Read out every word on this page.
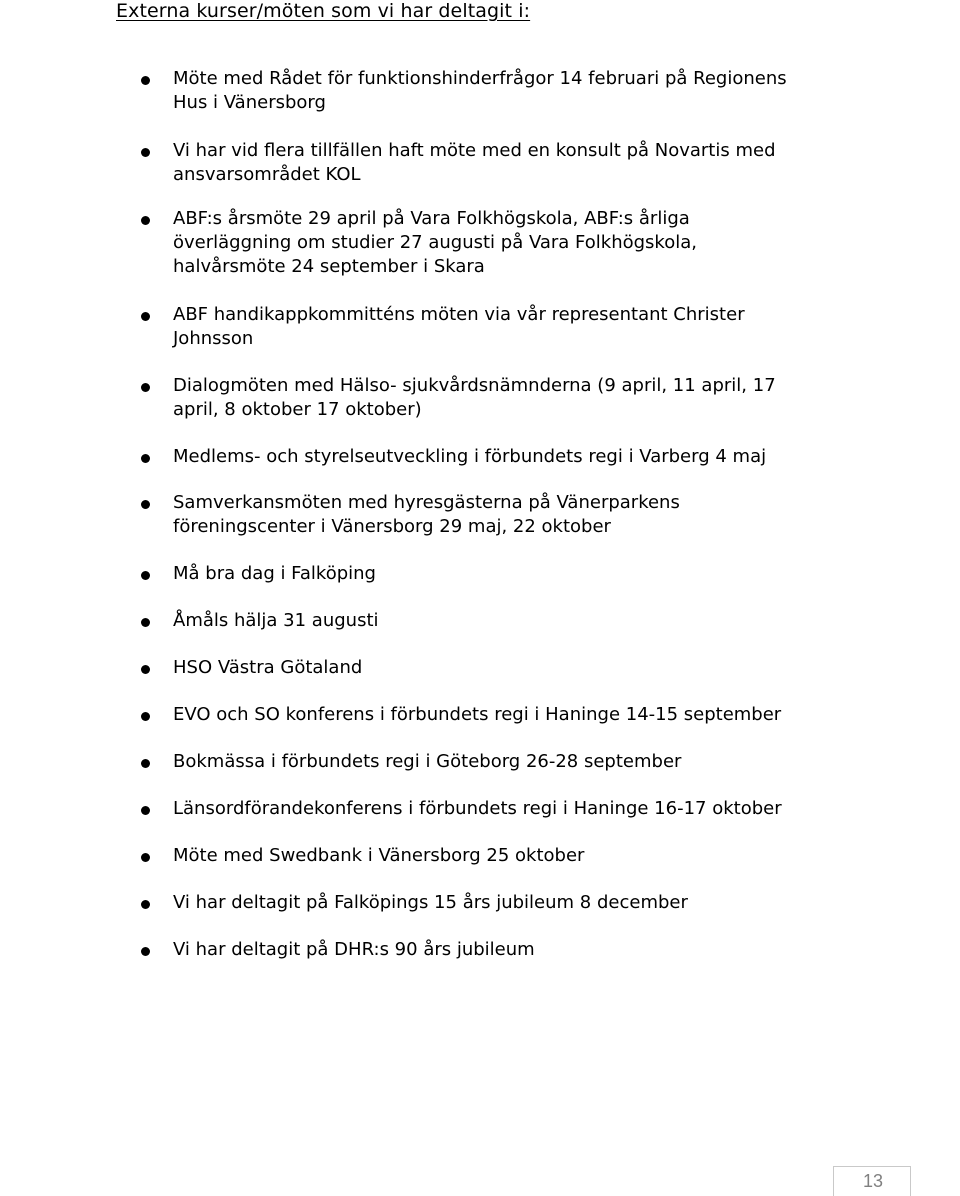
Externa kurser/möten som vi har deltagit i:
Möte med Rådet för funktionshinderfrågor 14 februari på Regionens
Hus i Vänersborg
Vi har vid flera tillfällen haft möte med en konsult på Novartis med
ansvarsområdet KOL
ABF:s årsmöte 29 april på Vara Folkhögskola, ABF:s årliga
överläggning om studier 27 augusti på Vara Folkhögskola,
halvårsmöte 24 september i Skara
ABF handikappkommitténs möten via vår representant Christer
Johnsson
Dialogmöten med Hälso- sjukvårdsnämnderna (9 april, 11 april, 17
april, 8 oktober 17 oktober)
Medlems- och styrelseutveckling i förbundets regi i Varberg 4 maj
Samverkansmöten med hyresgästerna på Vänerparkens
föreningscenter i Vänersborg 29 maj, 22 oktober
Må bra dag i Falköping
Åmåls hälja 31 augusti
HSO Västra Götaland
EVO och SO konferens i förbundets regi i Haninge 14-15 september
Bokmässa i förbundets regi i Göteborg 26-28 september
Länsordförandekonferens i förbundets regi i Haninge 16-17 oktober
Möte med Swedbank i Vänersborg 25 oktober
Vi har deltagit på Falköpings 15 års jubileum 8 december
Vi har deltagit på DHR:s 90 års jubileum
13
